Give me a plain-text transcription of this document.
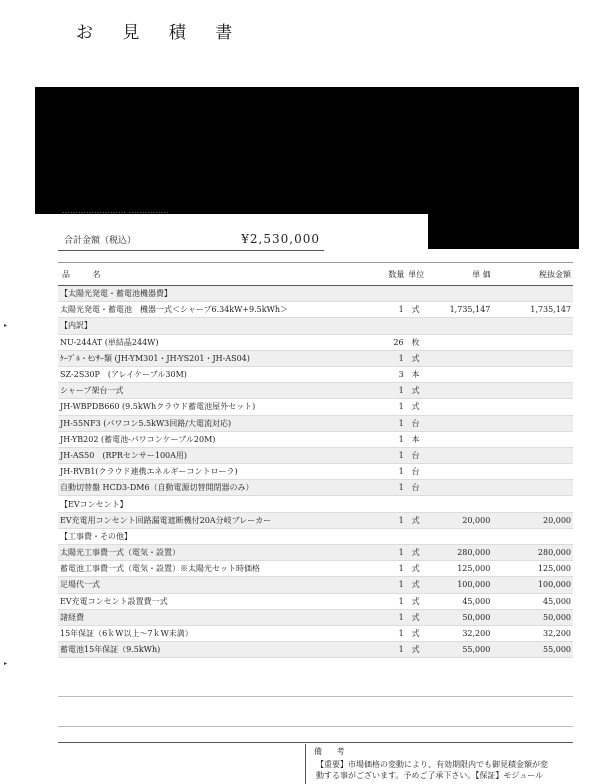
お 見 積 書
…………………… ……………
合計金額（税込）	¥2,530,000
▸
▸
品 名	数量 単位	単 価	税抜金額
【太陽光発電・蓄電池機器費】
太陽光発電・蓄電池　機器一式＜シャープ6.34kW+9.5kWh＞	1 式	1,735,147	1,735,147
【内訳】
NU-244AT (単結晶244W)	26 枚
ｹｰﾌﾞﾙ・ｾﾝｻｰ類 (JH-YM301・JH-YS201・JH-AS04)	1 式
SZ-2S30P　(アレイケーブル30M)	3 本
シャープ架台一式	1 式
JH-WBPDB660 (9.5kWhクラウド蓄電池屋外セット)	1 式
JH-55NF3 (パワコン5.5kW3回路/大電流対応)	1 台
JH-YB202 (蓄電池-パワコンケーブル20M)	1 本
JH-AS50　(RPRセンサー100A用)	1 台
JH-RVB1(クラウド連携エネルギーコントローラ)	1 台
自動切替盤 HCD3-DM6（自動電源切替開閉器のみ）	1 台
【EVコンセント】
EV充電用コンセント回路漏電遮断機付20A分岐ブレーカー	1 式	20,000	20,000
【工事費・その他】
太陽光工事費一式（電気・設置）	1 式	280,000	280,000
蓄電池工事費一式（電気・設置）※太陽光セット時価格	1 式	125,000	125,000
足場代一式	1 式	100,000	100,000
EV充電コンセント設置費一式	1 式	45,000	45,000
諸経費	1 式	50,000	50,000
15年保証（6ｋW以上～7ｋW未満）	1 式	32,200	32,200
蓄電池15年保証（9.5kWh)	1 式	55,000	55,000
備 考
【重要】市場価格の変動により、有効期限内でも御見積金額が変
動する事がございます。予めご了承下さい。【保証】モジュール
